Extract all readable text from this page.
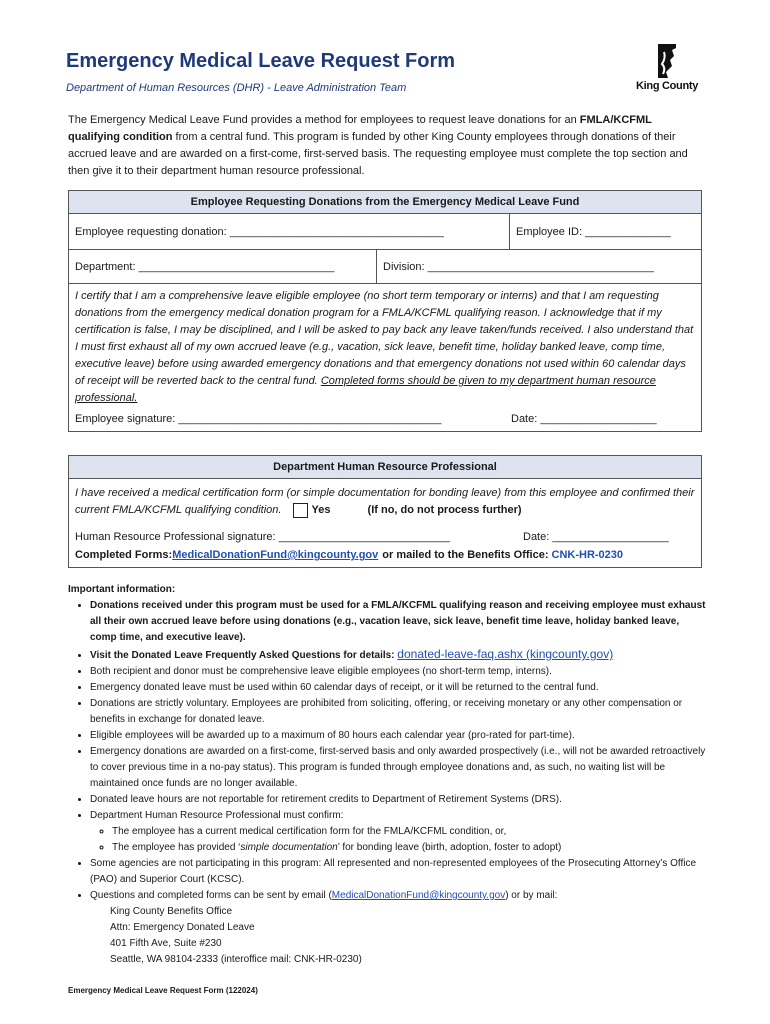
Emergency Medical Leave Request Form
Department of Human Resources (DHR) - Leave Administration Team	King County
The Emergency Medical Leave Fund provides a method for employees to request leave donations for an FMLA/KCFML qualifying condition from a central fund. This program is funded by other King County employees through donations of their accrued leave and are awarded on a first-come, first-served basis. The requesting employee must complete the top section and then give it to their department human resource professional.
Employee Requesting Donations from the Emergency Medical Leave Fund
Employee requesting donation: ___________________________________	Employee ID: ______________
Department: ________________________________	Division: _____________________________________
I certify that I am a comprehensive leave eligible employee (no short term temporary or interns) and that I am requesting donations from the emergency medical donation program for a FMLA/KCFML qualifying reason. I acknowledge that if my certification is false, I may be disciplined, and I will be asked to pay back any leave taken/funds received. I also understand that I must first exhaust all of my own accrued leave (e.g., vacation, sick leave, benefit time, holiday banked leave, comp time, executive leave) before using awarded emergency donations and that emergency donations not used within 60 calendar days of receipt will be reverted back to the central fund. Completed forms should be given to my department human resource professional.
Employee signature: ___________________________________________	Date: ___________________
Department Human Resource Professional
I have received a medical certification form (or simple documentation for bonding leave) from this employee and confirmed their current FMLA/KCFML qualifying condition.	Yes	(If no, do not process further)
Human Resource Professional signature: ____________________________	Date: ___________________
Completed Forms: MedicalDonationFund@kingcounty.gov or mailed to the Benefits Office: CNK-HR-0230
Important information:
• Donations received under this program must be used for a FMLA/KCFML qualifying reason and receiving employee must exhaust all their own accrued leave before using donations (e.g., vacation leave, sick leave, benefit time leave, holiday banked leave, comp time, and executive leave).
• Visit the Donated Leave Frequently Asked Questions for details: donated-leave-faq.ashx (kingcounty.gov)
• Both recipient and donor must be comprehensive leave eligible employees (no short-term temp, interns).
• Emergency donated leave must be used within 60 calendar days of receipt, or it will be returned to the central fund.
• Donations are strictly voluntary. Employees are prohibited from soliciting, offering, or receiving monetary or any other compensation or benefits in exchange for donated leave.
• Eligible employees will be awarded up to a maximum of 80 hours each calendar year (pro-rated for part-time).
• Emergency donations are awarded on a first-come, first-served basis and only awarded prospectively (i.e., will not be awarded retroactively to cover previous time in a no-pay status). This program is funded through employee donations and, as such, no waiting list will be maintained once funds are no longer available.
• Donated leave hours are not reportable for retirement credits to Department of Retirement Systems (DRS).
• Department Human Resource Professional must confirm:
◦ The employee has a current medical certification form for the FMLA/KCFML condition, or,
◦ The employee has provided ‘simple documentation’ for bonding leave (birth, adoption, foster to adopt)
• Some agencies are not participating in this program: All represented and non-represented employees of the Prosecuting Attorney’s Office (PAO) and Superior Court (KCSC).
• Questions and completed forms can be sent by email (MedicalDonationFund@kingcounty.gov) or by mail:
King County Benefits Office
Attn: Emergency Donated Leave
401 Fifth Ave, Suite #230
Seattle, WA 98104-2333 (interoffice mail: CNK-HR-0230)
Emergency Medical Leave Request Form (122024)
